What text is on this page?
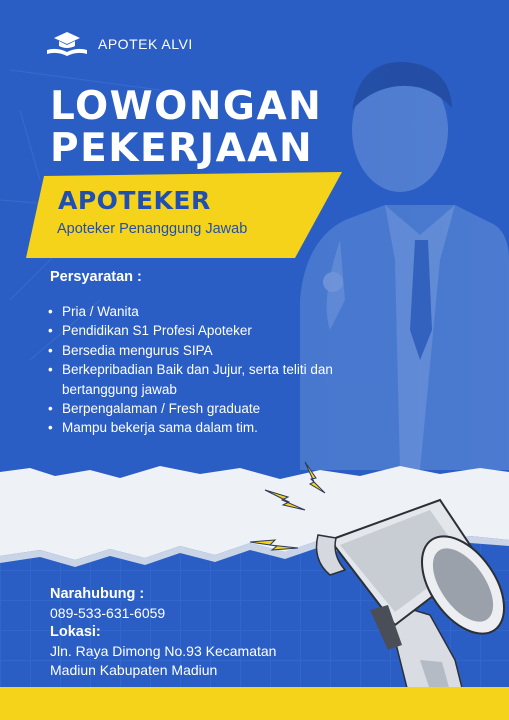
APOTEK ALVI
LOWONGAN
PEKERJAAN
APOTEKER
Apoteker Penanggung Jawab
Persyaratan :
• Pria / Wanita
• Pendidikan S1 Profesi Apoteker
• Bersedia mengurus SIPA
• Berkepribadian Baik dan Jujur, serta teliti dan bertanggung jawab
• Berpengalaman / Fresh graduate
• Mampu bekerja sama dalam tim.
Narahubung :
089-533-631-6059
Lokasi:
Jln. Raya Dimong No.93 Kecamatan
Madiun Kabupaten Madiun
